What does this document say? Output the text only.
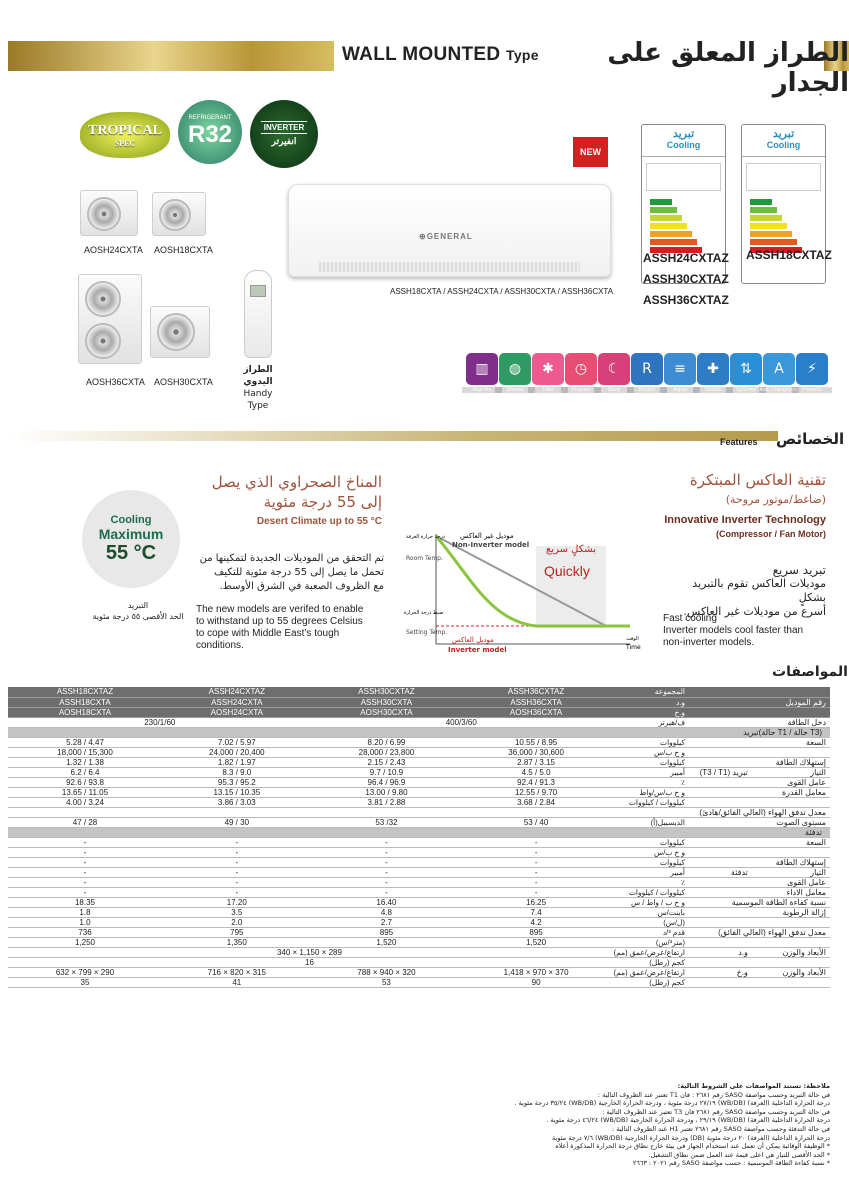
WALL MOUNTED Type	الطراز المعلق على الجدار
TROPICAL
SPEC
REFRIGERANT
R32	INVERTER
انفيرتر
AOSH24CXTA AOSH18CXTA
AOSH36CXTA AOSH30CXTA
الطراز اليدوي
Handy Type
NEW
⊕GENERAL
ASSH18CXTA / ASSH24CXTA / ASSH30CXTA / ASSH36CXTA
تبريد
Cooling
تبريد
Cooling
ASSH24CXTAZ
ASSH30CXTAZ
ASSH36CXTAZ
ASSH18CXTAZ
▥
Blue Fin
◍
Silverbit
✱
Filter
◷
Program
☾
Sleep
R
Restart
≡
Adjust
✚
Double
⇅
Up/Down
A
Auto Changeover
⚡
Powerful
Features الخصائص
Cooling
Maximum
55 °C
التبريد
الحد الأقصى ٥٥ درجة مئوية
المناخ الصحراوي الذي يصل
إلى 55 درجة مئوية
Desert Climate up to 55 °C
تم التحقق من الموديلات الجديدة لتمكينها من
تحمل ما يصل إلى 55 درجة مئوية للتكيف
مع الظروف الصعبة في الشرق الأوسط.
The new models are verifed to enable
to withstand up to 55 degrees Celsius
to cope with Middle East’s tough
conditions.
تقنية العاكس المبتكرة
(ضاغط/موتور مروحة)
Innovative Inverter Technology
(Compressor / Fan Motor)
تبريد سريع
موديلات العاكس تقوم بالتبريد بشكلٍ
أسرع من موديلات غير العاكس.
Fast cooling
Inverter models cool faster than
non-inverter models.
درجة حرارة الغرفة
Room Temp.
ضبط درجة الحرارة
Setting Temp.
الوقت
Time
موديل غير العاكس
Non-Inverter model
موديل العاكس
Inverter model
بشكلٍ سريع
Quickly
المواصفات
ASSH18CXTAZ	ASSH24CXTAZ	ASSH30CXTAZ	ASSH36CXTAZ	المجموعة		
ASSH18CXTA	ASSH24CXTA	ASSH30CXTA	ASSH36CXTA	و.د		رقم الموديل
AOSH18CXTA	AOSH24CXTA	AOSH30CXTA	AOSH36CXTA	و.خ		
230/1/60		400/3/60		ف/هيرتز		دخل الطاقة
تبريد(حالة T1 / حالة T3)						
5.28 / 4.47	7.02 / 5.97	8.20 / 6.99	10.55 / 8.95	كيلووات		السعة
18,000 / 15,300	24,000 / 20,400	28,000 / 23,800	36,000 / 30,600	و ح ب/س		
1.32 / 1.38	1.82 / 1.97	2.15 / 2.43	2.87 / 3.15	كيلووات		إستهلاك الطاقة
6.2 / 6.4	8.3 / 9.0	9.7 / 10.9	4.5 / 5.0	أمبير	تبريد (T3 / T1)	التيار
92.6 / 93.8	95.3 / 95.2	96.4 / 96.9	92.4 / 91.3	٪		عامل القوى
13.65 / 11.05	13.15 / 10.35	13.00 / 9.80	12.55 / 9.70	و ح ب/س/واط		معامل القدرة
4.00 / 3.24	3.86 / 3.03	3.81 / 2.88	3.68 / 2.84	كيلووات / كيلووات		
						معدل تدفق الهواء (العالي الفائق/هادئ)
47 / 28	49 / 30	53 /32	53 / 40	الديسيبل(أ)		مستوى الصوت
تدفئة						
-	-	-	-	كيلووات		السعة
-	-	-	-	و ح ب/س		
-	-	-	-	كيلووات		إستهلاك الطاقة
-	-	-	-	أمبير	تدفئة	التيار
-	-	-	-	٪		عامل القوى
-	-	-	-	كيلووات / كيلووات		معامل الاداء
18.35	17.20	16.40	16.25	و ح ب / واط / س		نسبة كفاءة الطاقة الموسمية
1.8	3.5	4.8	7.4	باينت/س		إزالة الرطوبة
1.0	2.0	2.7	4.2	(ل/س)		
736	795	895	895	قدم ³/د		معدل تدفق الهواء (العالي الفائق)
1,250	1,350	1,520	1,520	(متر³/س)		
340 × 1,150 × 289				ارتفاع/عرض/عمق (مم)	و.د	الأبعاد والوزن
16				كجم (رطل)		
632 × 799 × 290	716 × 820 × 315	788 × 940 × 320	1,418 × 970 × 370	ارتفاع/عرض/عمق (مم)	و.خ	الأبعاد والوزن
35	41	53	90	كجم (رطل)		
ملاحظة: تستند المواصفات على الشروط التالية:
في حالة التبريد وحسب مواصفة SASO رقم ٢٦٨١ : فان T1 تعتبر عند الظروف التالية :
درجة الحرارة الداخلية (الغرفة) (WB/DB) ٢٧/١٩ درجة مئوية ، ودرجة الحرارة الخارجية (WB/DB) ٣٥/٢٤ درجة مئوية .
في حالة التبريد وحسب مواصفة SASO رقم ٢٦٨١ فان T3 تعتبر عند الظروف التالية :
درجة الحرارة الداخلية (الغرفة) (WB/DB) ٢٩/١٩ ، ودرجة الحرارة الخارجية (WB/DB) ٤٦/٢٤ درجة مئوية .
في حالة التدفئة وحسب مواصفة SASO رقم ٢٦٨١ تعتبر H1 عند الظروف التالية :
درجة الحرارة الداخلية (الغرفة) ٢٠ درجة مئوية (DB) ودرجة الحرارة الخارجية (WB/DB) ٧/٦ درجة مئوية
* الوظيفة الوقائية يمكن أن تعمل عند استخدام الجهاز في بيئة خارج نطاق درجة الحرارة المذكورة أعلاه
* الحد الأقصى للتيار هي اعلى قيمة عند العمل ضمن نطاق التشغيل.
* نسبة كفاءة الطاقة الموسمية : حسب مواصفة SASO رقم ٢٠٢١ : ٢٦٦٣
